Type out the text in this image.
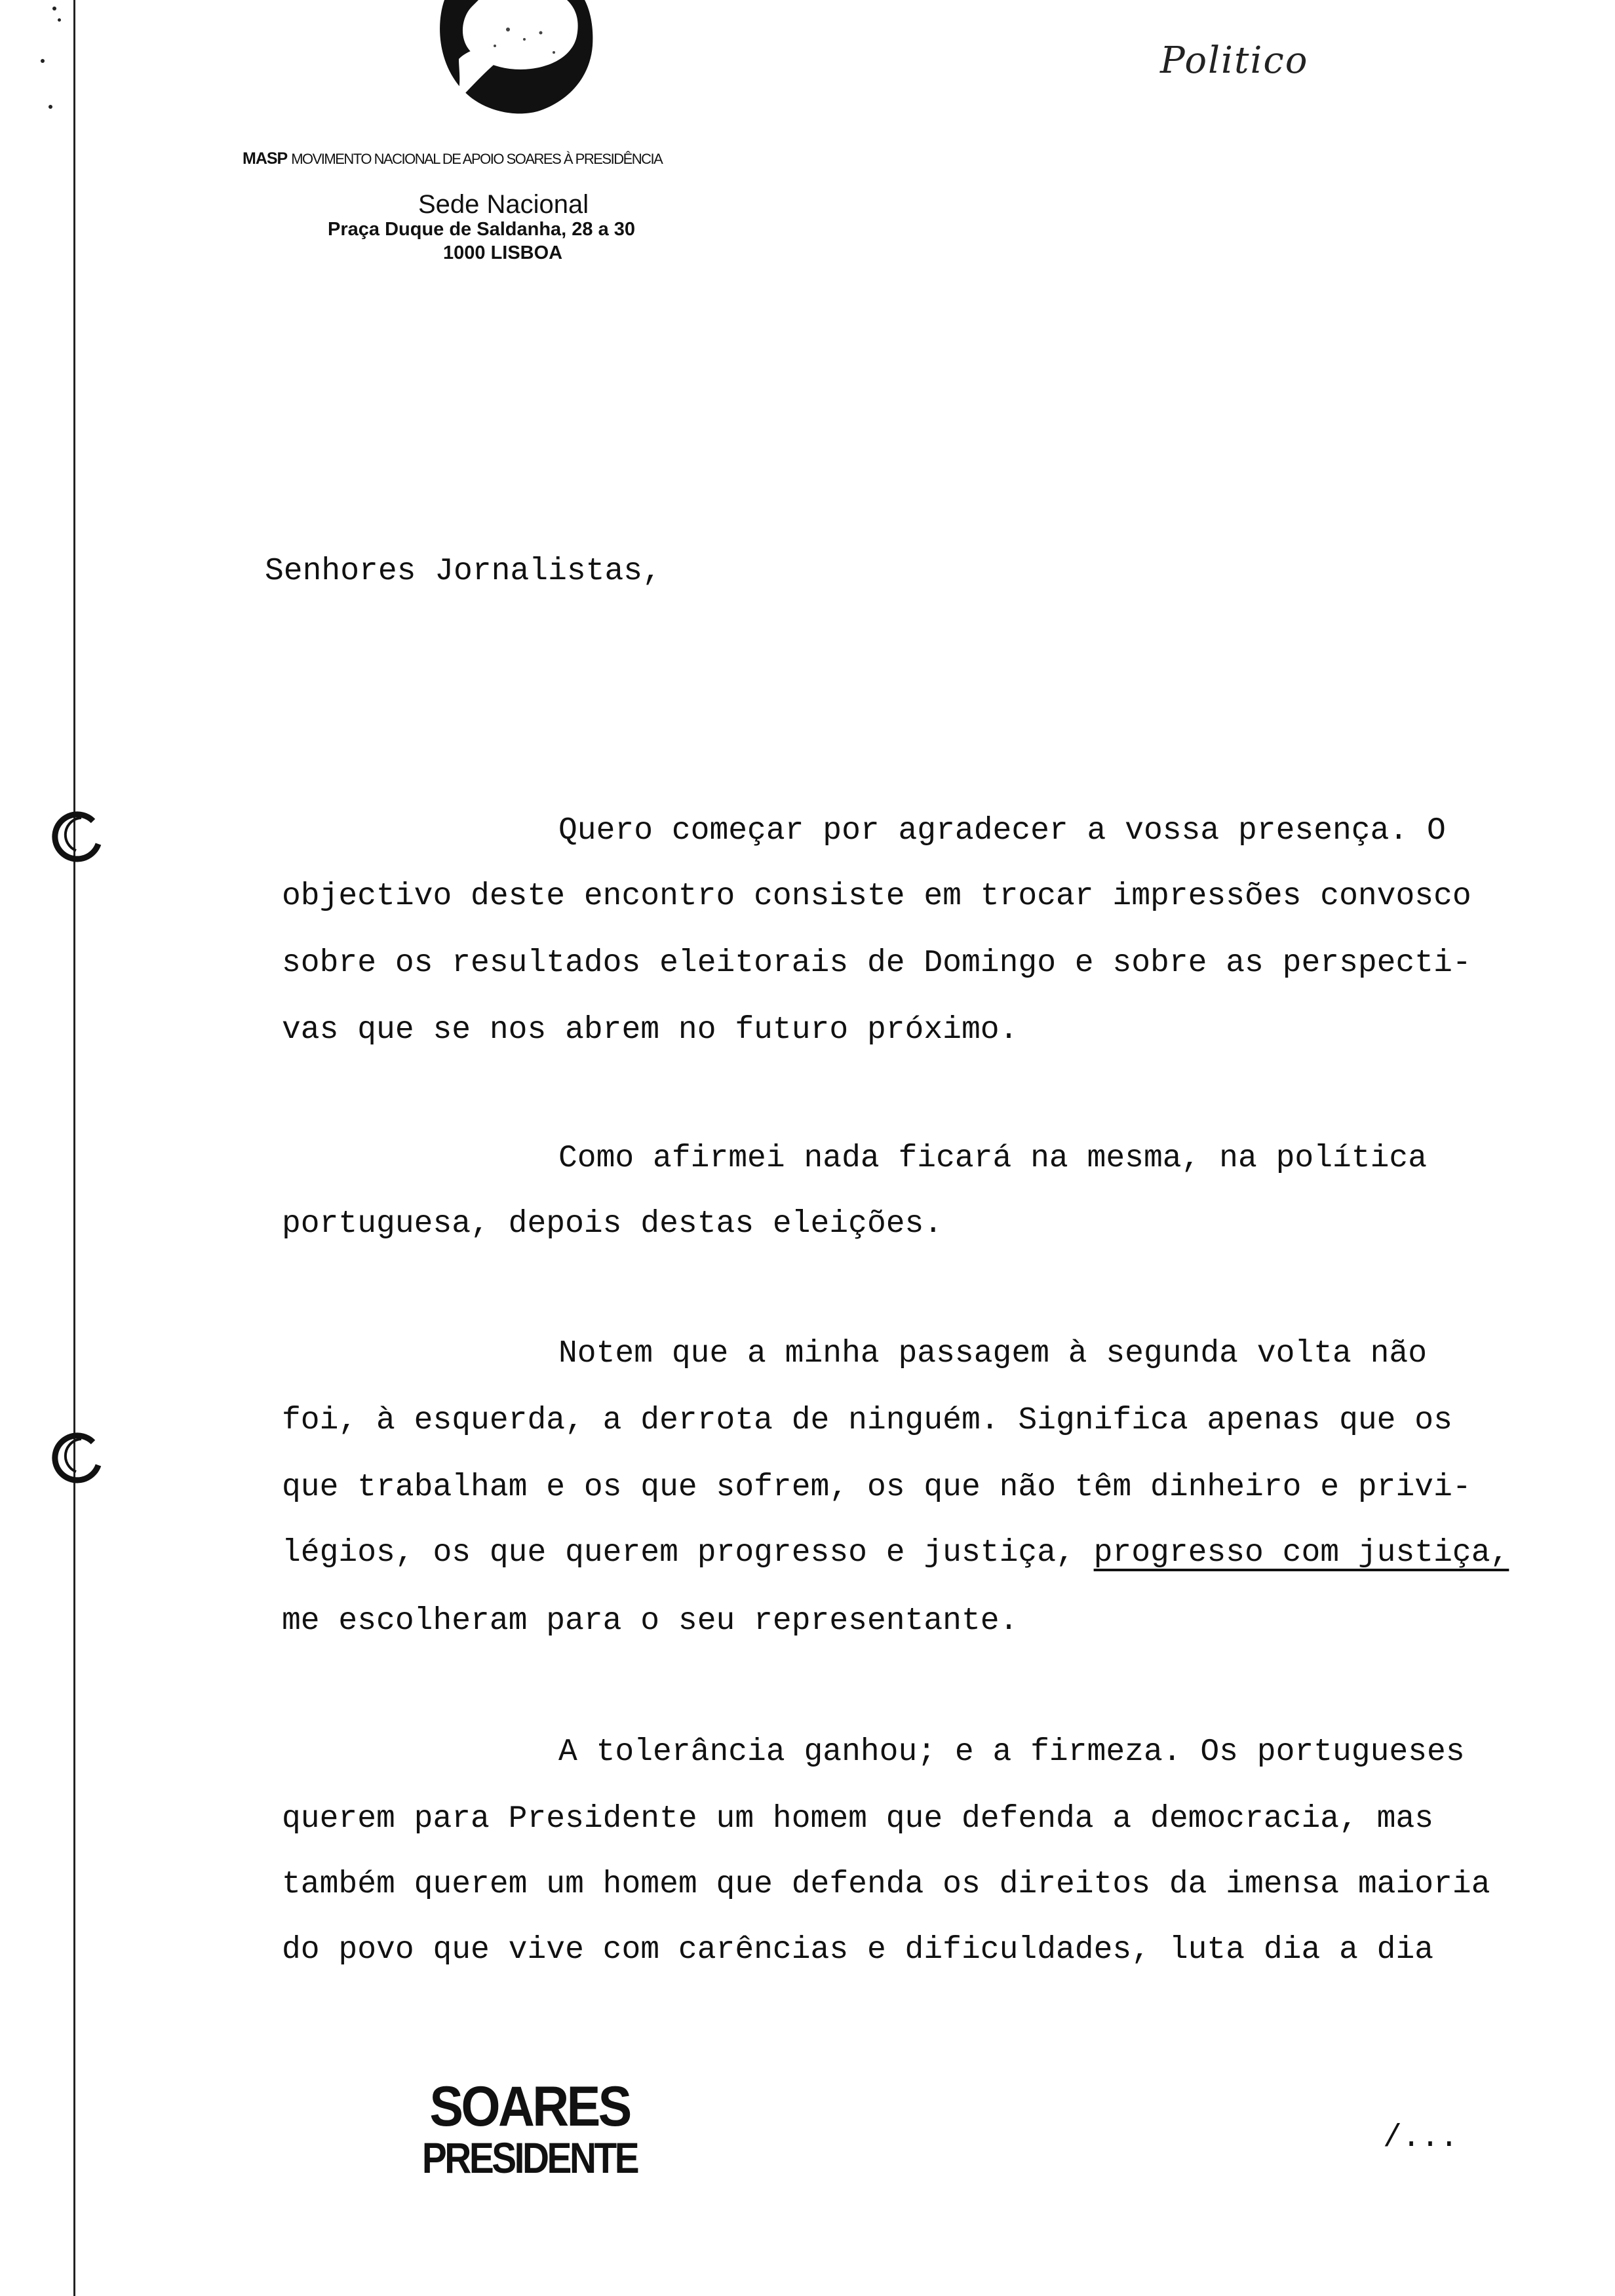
MASP MOVIMENTO NACIONAL DE APOIO SOARES À PRESIDÊNCIA
Sede Nacional
Praça Duque de Saldanha, 28 a 30
1000 LISBOA
Politico
Senhores Jornalistas,
Quero começar por agradecer a vossa presença. O
objectivo deste encontro consiste em trocar impressões convosco
sobre os resultados eleitorais de Domingo e sobre as perspecti-
vas que se nos abrem no futuro próximo.
Como afirmei nada ficará na mesma, na política
portuguesa, depois destas eleições.
Notem que a minha passagem à segunda volta não
foi, à esquerda, a derrota de ninguém. Significa apenas que os
que trabalham e os que sofrem, os que não têm dinheiro e privi-
légios, os que querem progresso e justiça, progresso com justiça,
me escolheram para o seu representante.
A tolerância ganhou; e a firmeza. Os portugueses
querem para Presidente um homem que defenda a democracia, mas
também querem um homem que defenda os direitos da imensa maioria
do povo que vive com carências e dificuldades, luta dia a dia
SOARES
PRESIDENTE	/...
